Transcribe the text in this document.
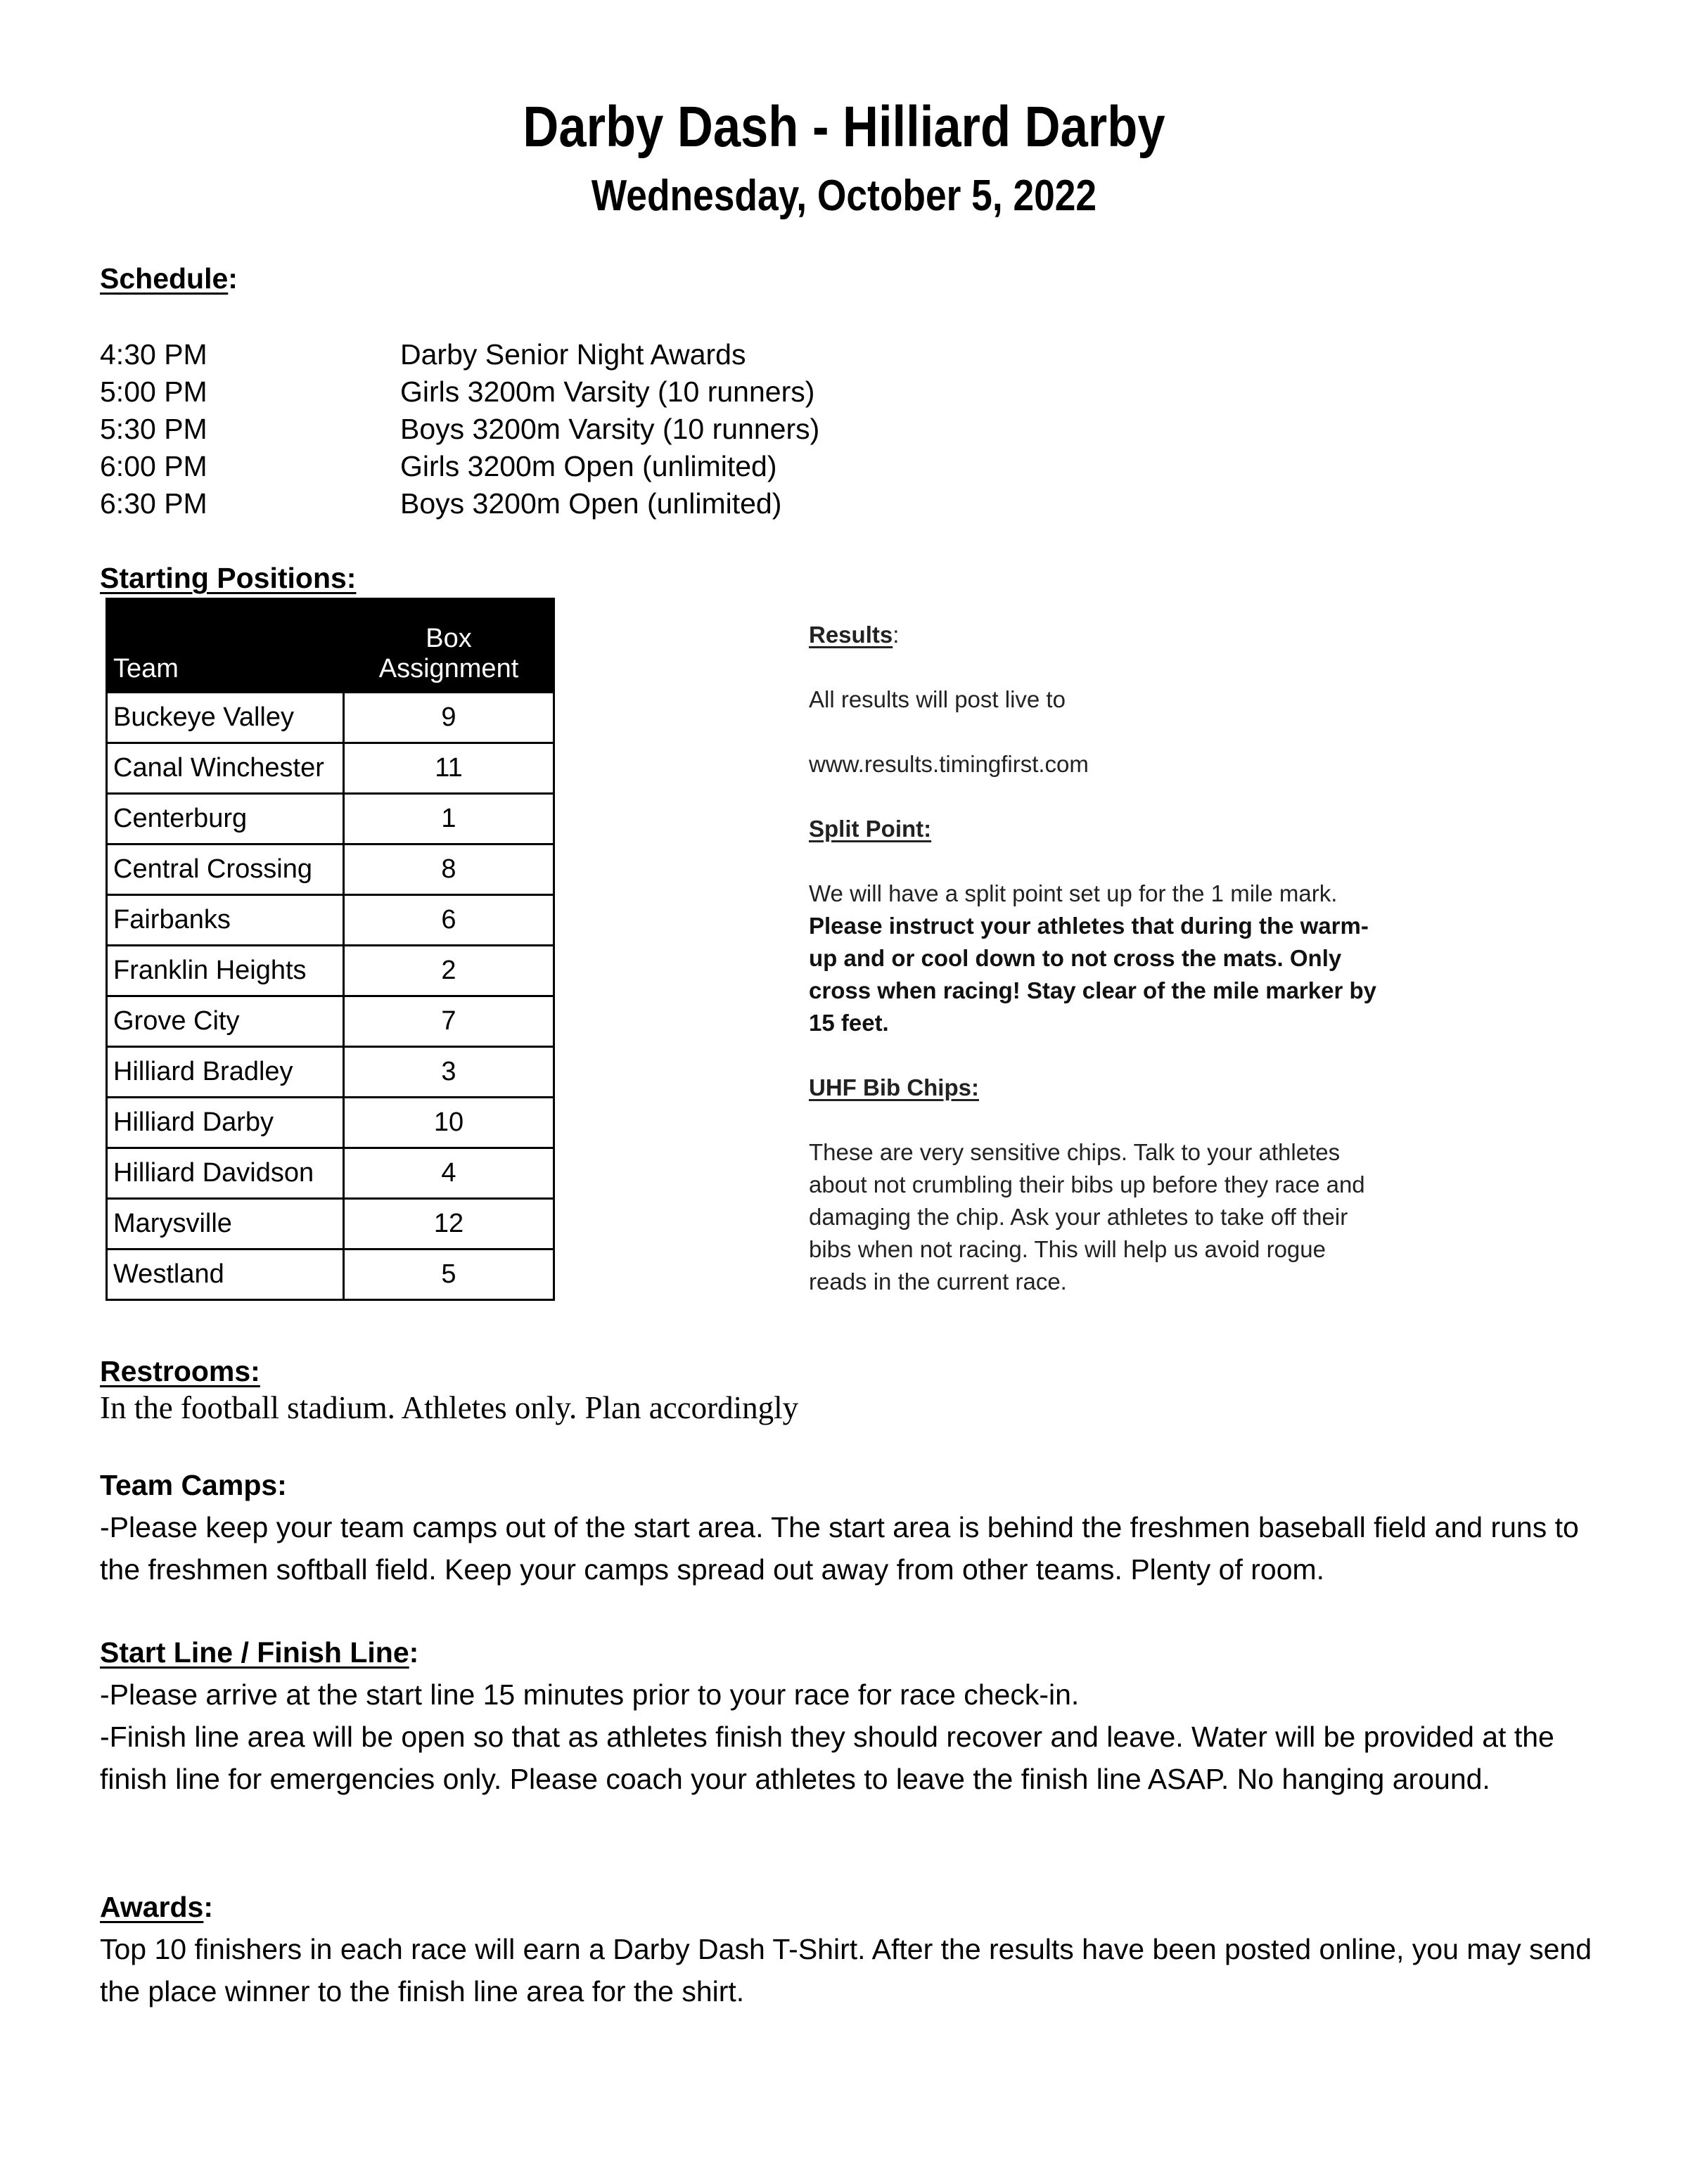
Darby Dash - Hilliard Darby
Wednesday, October 5, 2022
Schedule:
4:30 PM	Darby Senior Night Awards
5:00 PM	Girls 3200m Varsity (10 runners)
5:30 PM	Boys 3200m Varsity (10 runners)
6:00 PM	Girls 3200m Open (unlimited)
6:30 PM	Boys 3200m Open (unlimited)
Starting Positions:
Team	Box
Assignment
Buckeye Valley	9
Canal Winchester	11
Centerburg	1
Central Crossing	8
Fairbanks	6
Franklin Heights	2
Grove City	7
Hilliard Bradley	3
Hilliard Darby	10
Hilliard Davidson	4
Marysville	12
Westland	5

Results:

All results will post live to

www.results.timingfirst.com

Split Point:

We will have a split point set up for the 1 mile mark. Please instruct your athletes that during the warm-up and or cool down to not cross the mats. Only cross when racing! Stay clear of the mile marker by 15 feet.

UHF Bib Chips:

These are very sensitive chips. Talk to your athletes about not crumbling their bibs up before they race and damaging the chip. Ask your athletes to take off their bibs when not racing. This will help us avoid rogue reads in the current race.

Restrooms:
In the football stadium. Athletes only. Plan accordingly
Team Camps:
-Please keep your team camps out of the start area. The start area is behind the freshmen baseball field and runs to the freshmen softball field. Keep your camps spread out away from other teams. Plenty of room.
Start Line / Finish Line:
-Please arrive at the start line 15 minutes prior to your race for race check-in.
-Finish line area will be open so that as athletes finish they should recover and leave. Water will be provided at the finish line for emergencies only. Please coach your athletes to leave the finish line ASAP. No hanging around.
Awards:
Top 10 finishers in each race will earn a Darby Dash T-Shirt. After the results have been posted online, you may send the place winner to the finish line area for the shirt.
